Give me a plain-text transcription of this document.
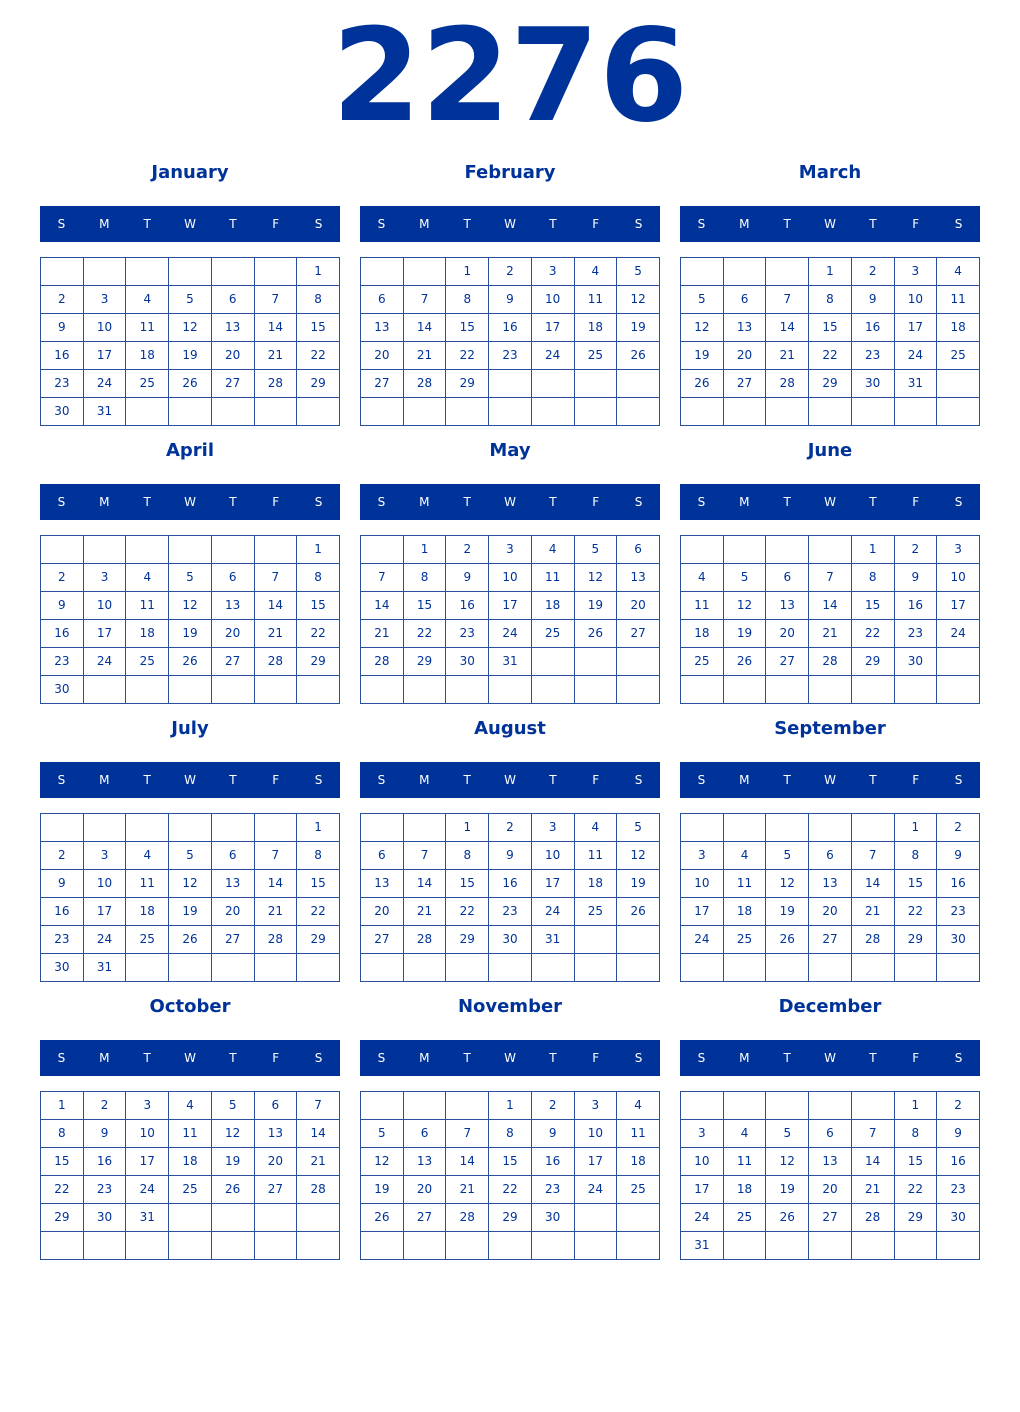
2276
January
S	M	T	W	T	F	S
						1
2	3	4	5	6	7	8
9	10	11	12	13	14	15
16	17	18	19	20	21	22
23	24	25	26	27	28	29
30	31					
February
S	M	T	W	T	F	S
		1	2	3	4	5
6	7	8	9	10	11	12
13	14	15	16	17	18	19
20	21	22	23	24	25	26
27	28	29				

March
S	M	T	W	T	F	S
			1	2	3	4
5	6	7	8	9	10	11
12	13	14	15	16	17	18
19	20	21	22	23	24	25
26	27	28	29	30	31	

April
S	M	T	W	T	F	S
						1
2	3	4	5	6	7	8
9	10	11	12	13	14	15
16	17	18	19	20	21	22
23	24	25	26	27	28	29
30						
May
S	M	T	W	T	F	S
	1	2	3	4	5	6
7	8	9	10	11	12	13
14	15	16	17	18	19	20
21	22	23	24	25	26	27
28	29	30	31			

June
S	M	T	W	T	F	S
				1	2	3
4	5	6	7	8	9	10
11	12	13	14	15	16	17
18	19	20	21	22	23	24
25	26	27	28	29	30	

July
S	M	T	W	T	F	S
						1
2	3	4	5	6	7	8
9	10	11	12	13	14	15
16	17	18	19	20	21	22
23	24	25	26	27	28	29
30	31					
August
S	M	T	W	T	F	S
		1	2	3	4	5
6	7	8	9	10	11	12
13	14	15	16	17	18	19
20	21	22	23	24	25	26
27	28	29	30	31		

September
S	M	T	W	T	F	S
					1	2
3	4	5	6	7	8	9
10	11	12	13	14	15	16
17	18	19	20	21	22	23
24	25	26	27	28	29	30

October
S	M	T	W	T	F	S
1	2	3	4	5	6	7
8	9	10	11	12	13	14
15	16	17	18	19	20	21
22	23	24	25	26	27	28
29	30	31				

November
S	M	T	W	T	F	S
			1	2	3	4
5	6	7	8	9	10	11
12	13	14	15	16	17	18
19	20	21	22	23	24	25
26	27	28	29	30		

December
S	M	T	W	T	F	S
					1	2
3	4	5	6	7	8	9
10	11	12	13	14	15	16
17	18	19	20	21	22	23
24	25	26	27	28	29	30
31						
